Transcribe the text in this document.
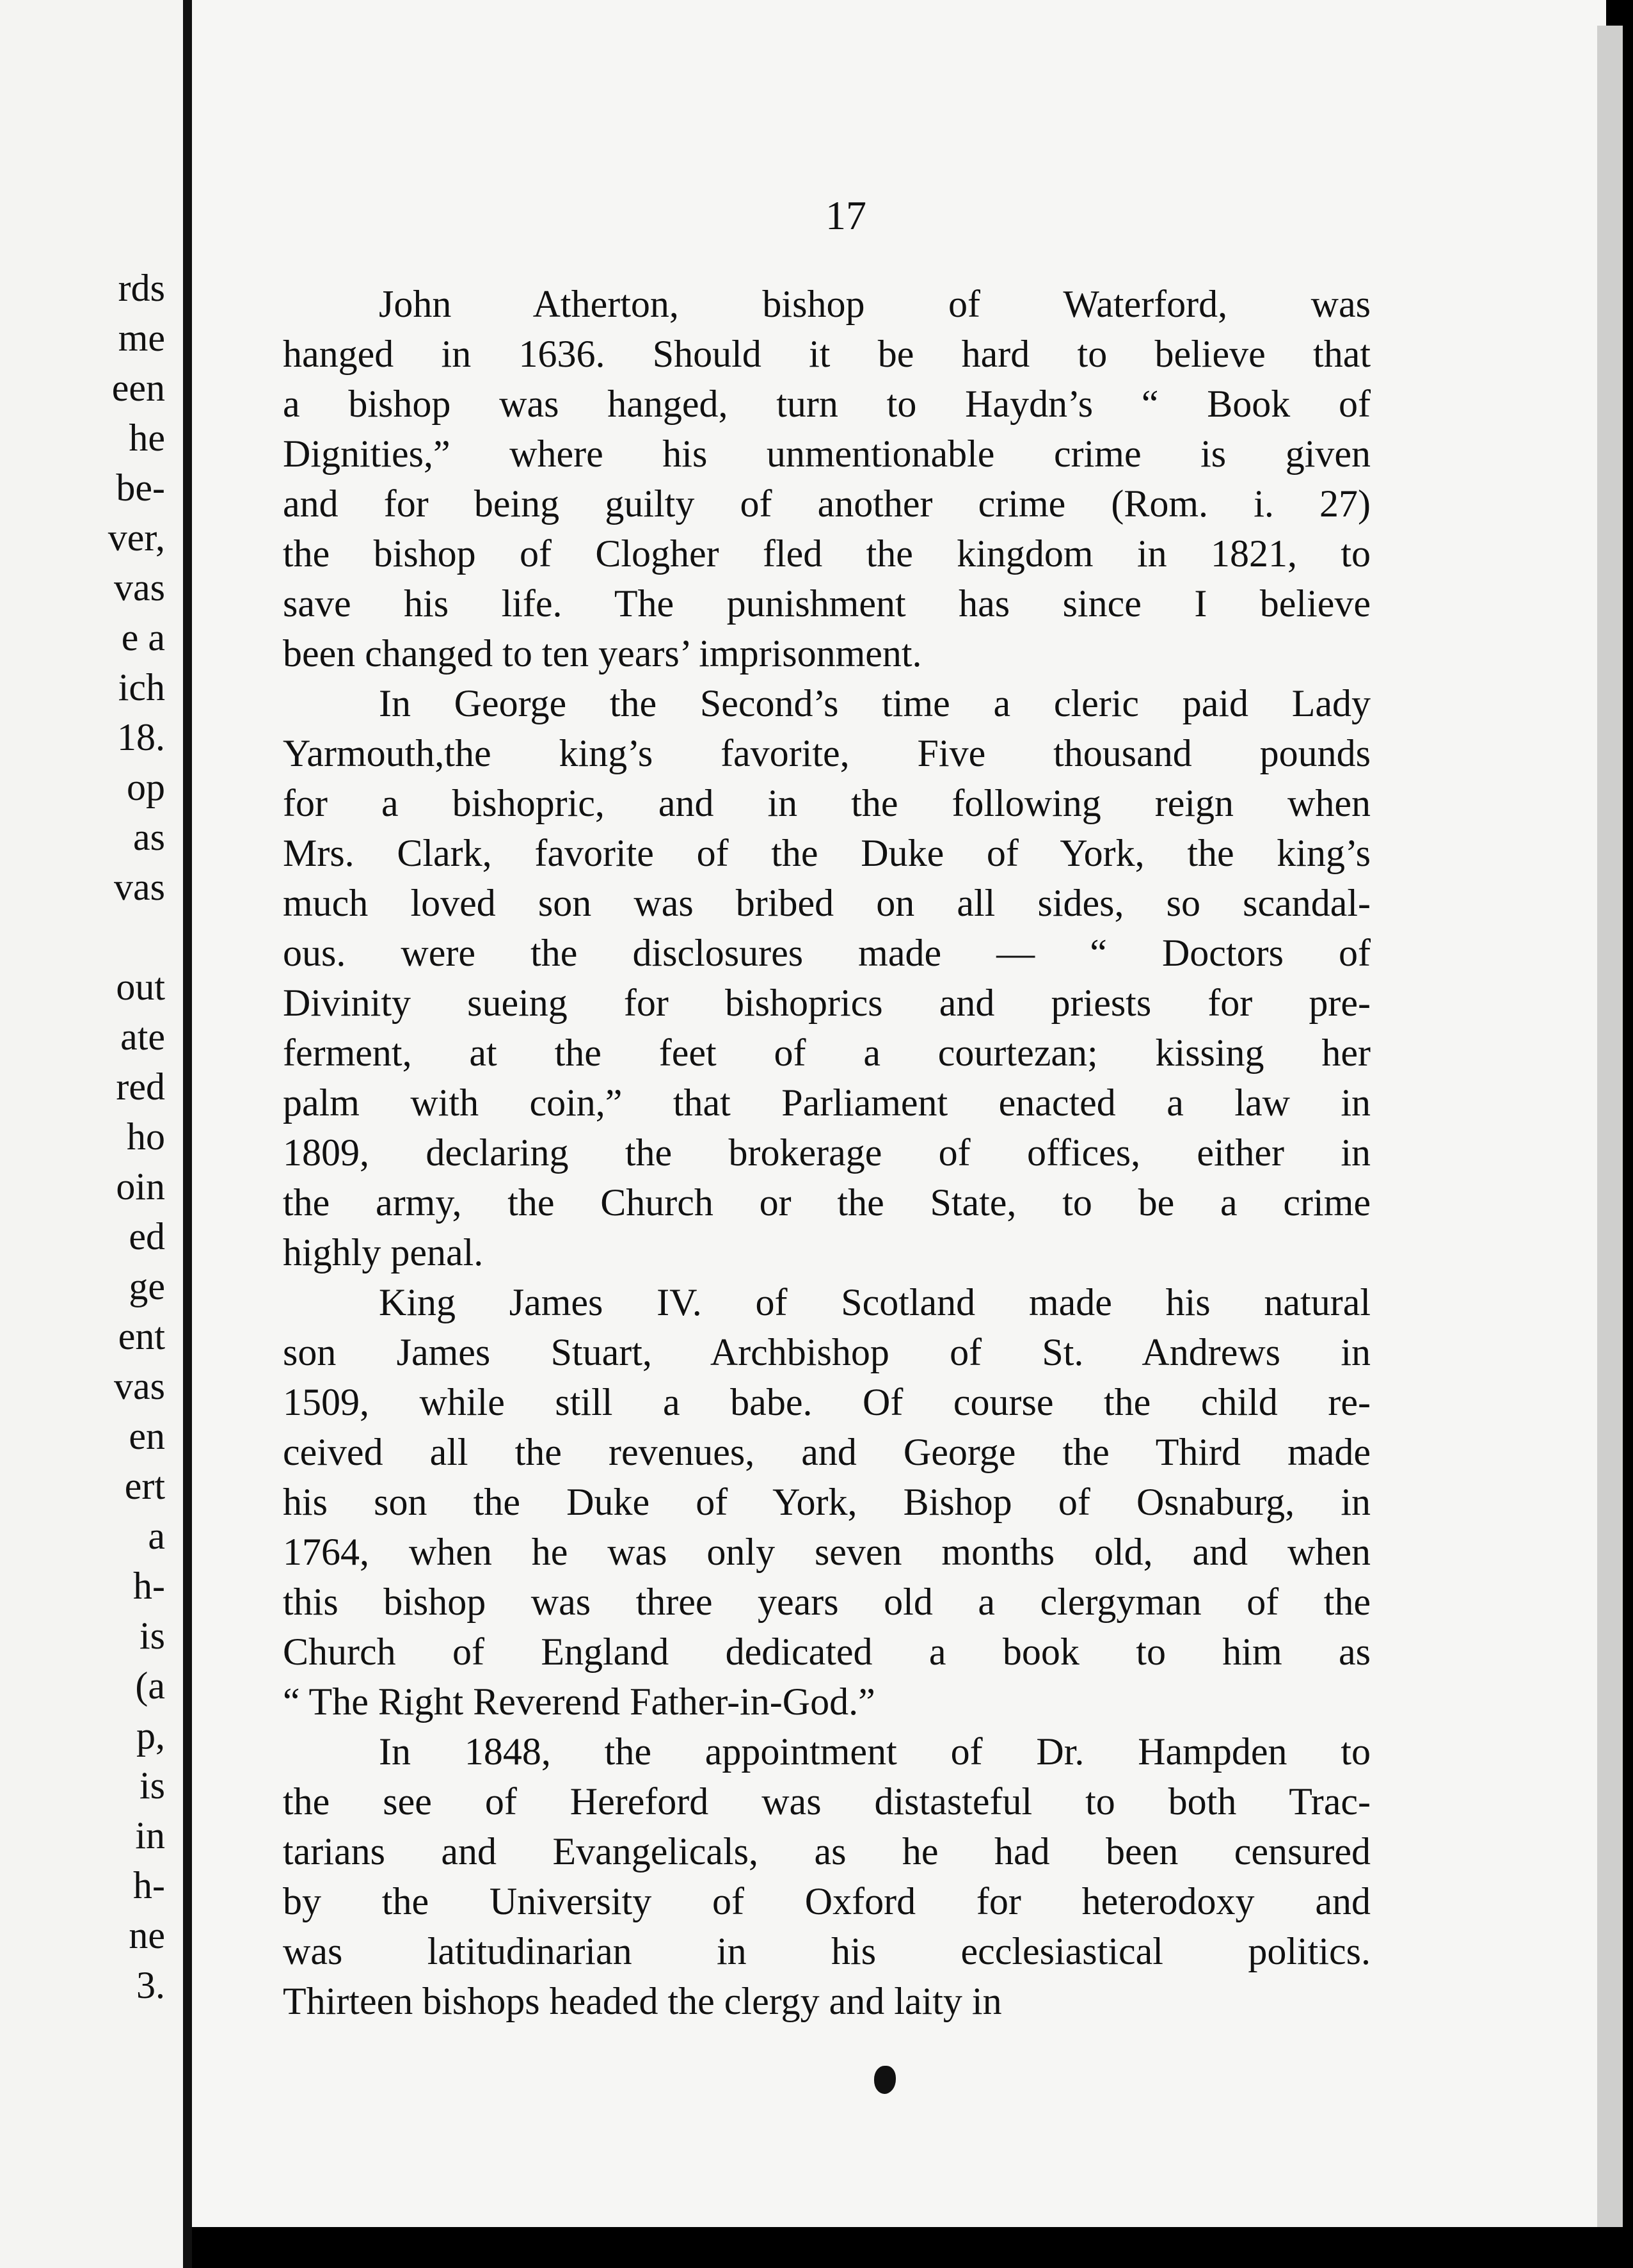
rds
me
een
he
be-
ver,
vas
e a
ich
18.
op
as
vas
out
ate
red
ho
oin
ed
ge
ent
vas
en
ert
a
h-
is
(a
p,
is
in
h-
ne
3.
17
John Atherton, bishop of Waterford, was
hanged in 1636. Should it be hard to believe that
a bishop was hanged, turn to Haydn’s “ Book of
Dignities,” where his unmentionable crime is given
and for being guilty of another crime (Rom. i. 27)
the bishop of Clogher fled the kingdom in 1821, to
save his life. The punishment has since I believe
been changed to ten years’ imprisonment.
In George the Second’s time a cleric paid Lady
Yarmouth,the king’s favorite, Five thousand pounds
for a bishopric, and in the following reign when
Mrs. Clark, favorite of the Duke of York, the king’s
much loved son was bribed on all sides, so scandal-
ous. were the disclosures made — “ Doctors of
Divinity sueing for bishoprics and priests for pre-
ferment, at the feet of a courtezan; kissing her
palm with coin,” that Parliament enacted a law in
1809, declaring the brokerage of offices, either in
the army, the Church or the State, to be a crime
highly penal.
King James IV. of Scotland made his natural
son James Stuart, Archbishop of St. Andrews in
1509, while still a babe. Of course the child re-
ceived all the revenues, and George the Third made
his son the Duke of York, Bishop of Osnaburg, in
1764, when he was only seven months old, and when
this bishop was three years old a clergyman of the
Church of England dedicated a book to him as
“ The Right Reverend Father-in-God.”
In 1848, the appointment of Dr. Hampden to
the see of Hereford was distasteful to both Trac-
tarians and Evangelicals, as he had been censured
by the University of Oxford for heterodoxy and
was latitudinarian in his ecclesiastical politics.
Thirteen bishops headed the clergy and laity in
